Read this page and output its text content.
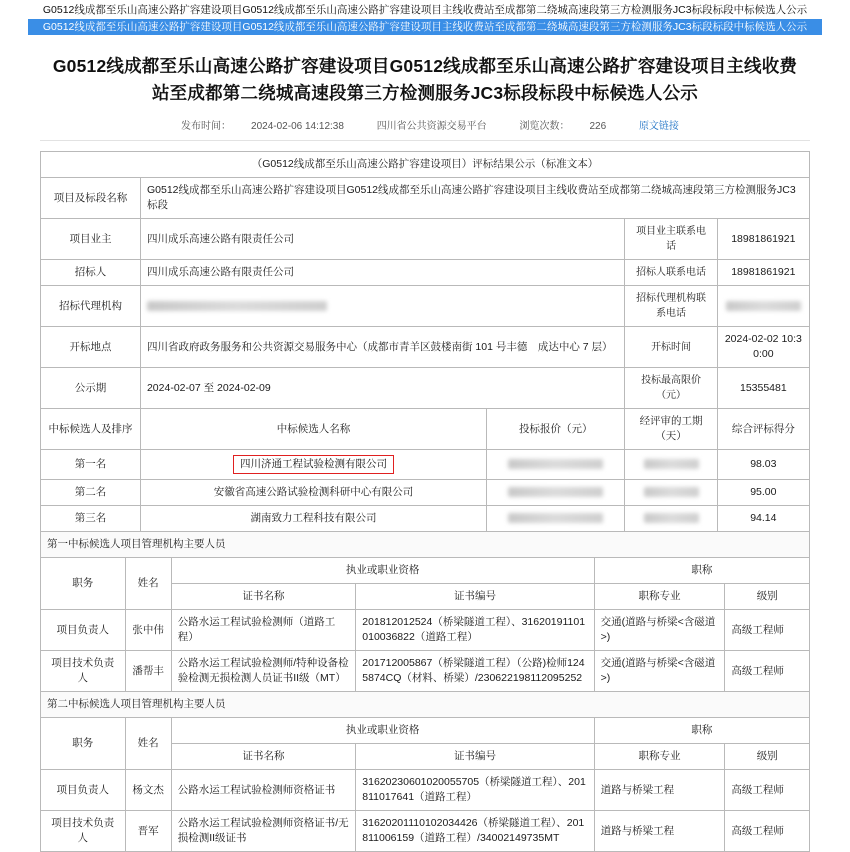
G0512线成都至乐山高速公路扩容建设项目G0512线成都至乐山高速公路扩容建设项目主线收费站至成都第二绕城高速段第三方检测服务JC3标段标段中标候选人公示
G0512线成都至乐山高速公路扩容建设项目G0512线成都至乐山高速公路扩容建设项目主线收费站至成都第二绕城高速段第三方检测服务JC3标段标段中标候选人公示
G0512线成都至乐山高速公路扩容建设项目G0512线成都至乐山高速公路扩容建设项目主线收费站至成都第二绕城高速段第三方检测服务JC3标段标段中标候选人公示
发布时间： 2024-02-06 14:12:38	四川省公共资源交易平台	浏览次数： 226	原文链接
（G0512线成都至乐山高速公路扩容建设项目）评标结果公示（标准文本）				
项目及标段名称	G0512线成都至乐山高速公路扩容建设项目G0512线成都至乐山高速公路扩容建设项目主线收费站至成都第二绕城高速段第三方检测服务JC3标段			
项目业主	四川成乐高速公路有限责任公司		项目业主联系电话	18981861921
招标人	四川成乐高速公路有限责任公司		招标人联系电话	18981861921
招标代理机构			招标代理机构联系电话	
开标地点	四川省政府政务服务和公共资源交易服务中心（成都市青羊区鼓楼南街 101 号丰德　成达中心 7 层）		开标时间	2024-02-02 10:30:00
公示期	2024-02-07 至 2024-02-09		投标最高限价（元）	15355481
中标候选人及排序	中标候选人名称	投标报价（元）	经评审的工期（天）	综合评标得分
第一名	四川济通工程试验检测有限公司			98.03
第二名	安徽省高速公路试验检测科研中心有限公司			95.00
第三名	湖南致力工程科技有限公司			94.14
第一中标候选人项目管理机构主要人员				
职务	姓名	执业或职业资格		职称	
		证书名称	证书编号	职称专业	级别
项目负责人	张中伟	公路水运工程试验检测师（道路工程）	201812012524（桥梁隧道工程）、31620191101010036822（道路工程）	交通(道路与桥梁<含磁道>)	高级工程师
项目技术负责人	潘帮丰	公路水运工程试验检测师/特种设备检验检测无损检测人员证书II级（MT）	201712005867（桥梁隧道工程）（公路)检师1245874CQ（材料、桥梁）/230622198112095252	交通(道路与桥梁<含磁道>)	高级工程师
第二中标候选人项目管理机构主要人员					
职务	姓名	执业或职业资格		职称	
		证书名称	证书编号	职称专业	级别
项目负责人	杨文杰	公路水运工程试验检测师资格证书	31620230601020055705（桥梁隧道工程）、201811017641（道路工程）	道路与桥梁工程	高级工程师
项目技术负责人	晋军	公路水运工程试验检测师资格证书/无损检测II级证书	31620201110102034426（桥梁隧道工程）、201811006159（道路工程）/34002149735MT	道路与桥梁工程	高级工程师
